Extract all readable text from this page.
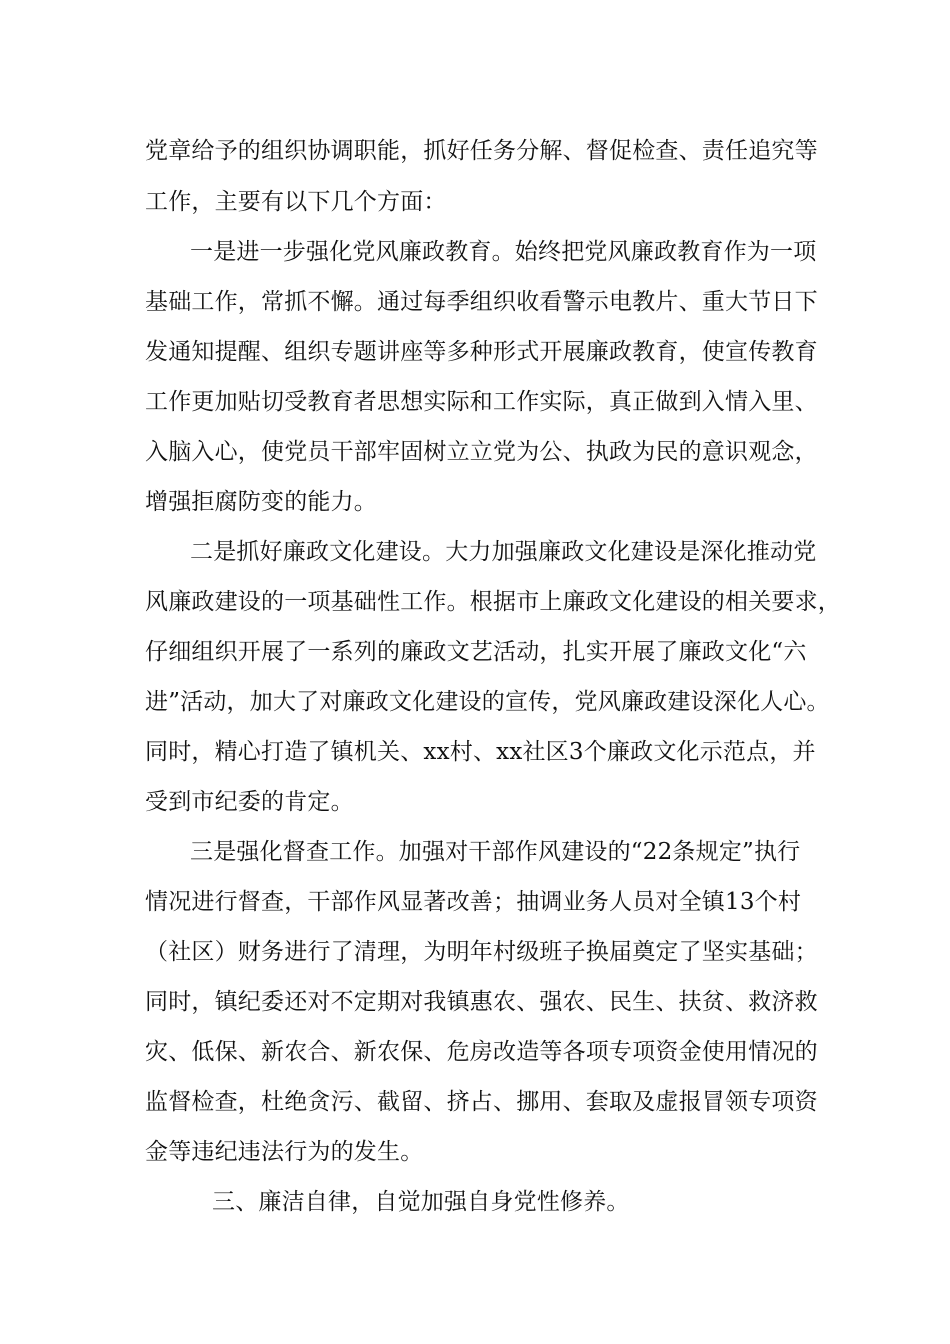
党章给予的组织协调职能，抓好任务分解、督促检查、责任追究等
工作，主要有以下几个方面：
一是进一步强化党风廉政教育。始终把党风廉政教育作为一项
基础工作，常抓不懈。通过每季组织收看警示电教片、重大节日下
发通知提醒、组织专题讲座等多种形式开展廉政教育，使宣传教育
工作更加贴切受教育者思想实际和工作实际，真正做到入情入里、
入脑入心，使党员干部牢固树立立党为公、执政为民的意识观念，
增强拒腐防变的能力。
二是抓好廉政文化建设。大力加强廉政文化建设是深化推动党
风廉政建设的一项基础性工作。根据市上廉政文化建设的相关要求，
仔细组织开展了一系列的廉政文艺活动，扎实开展了廉政文化“六
进”活动，加大了对廉政文化建设的宣传，党风廉政建设深化人心。
同时，精心打造了镇机关、xx村、xx社区3个廉政文化示范点，并
受到市纪委的肯定。
三是强化督查工作。加强对干部作风建设的“22条规定”执行
情况进行督查，干部作风显著改善；抽调业务人员对全镇13个村
（社区）财务进行了清理，为明年村级班子换届奠定了坚实基础；
同时，镇纪委还对不定期对我镇惠农、强农、民生、扶贫、救济救
灾、低保、新农合、新农保、危房改造等各项专项资金使用情况的
监督检查，杜绝贪污、截留、挤占、挪用、套取及虚报冒领专项资
金等违纪违法行为的发生。
三、廉洁自律，自觉加强自身党性修养。
